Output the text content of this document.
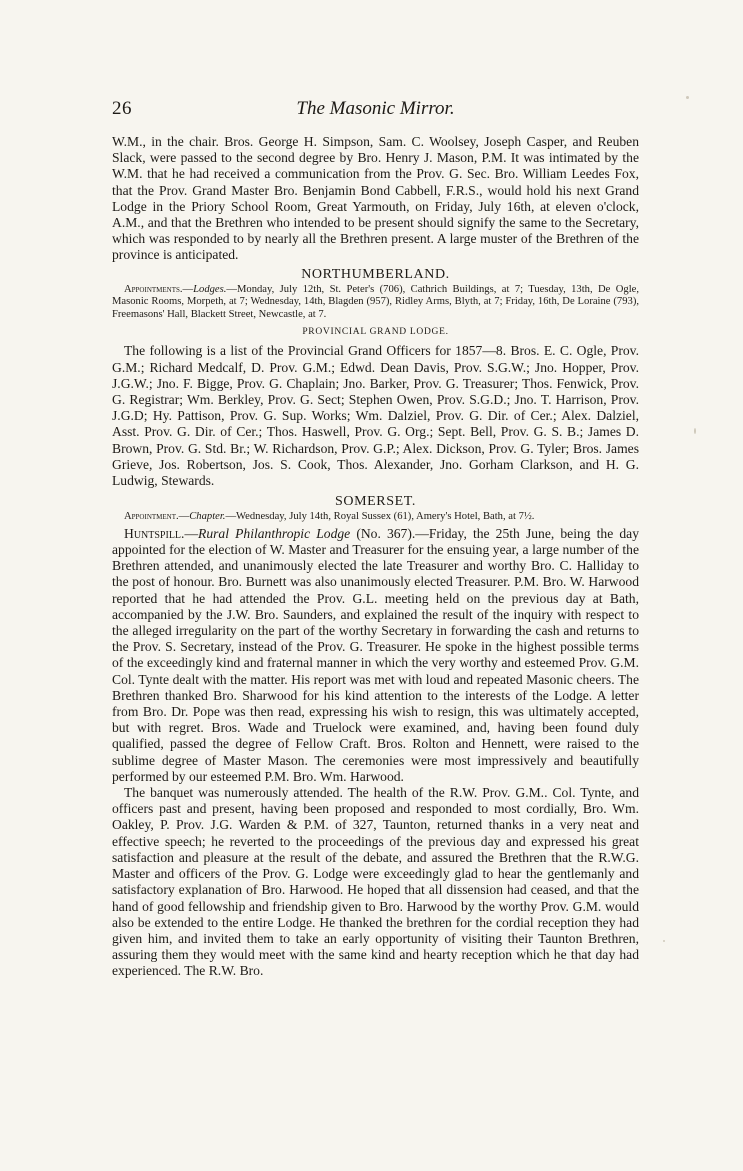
26	The Masonic Mirror.

W.M., in the chair. Bros. George H. Simpson, Sam. C. Woolsey, Joseph Casper, and Reuben Slack, were passed to the second degree by Bro. Henry J. Mason, P.M. It was intimated by the W.M. that he had received a communication from the Prov. G. Sec. Bro. William Leedes Fox, that the Prov. Grand Master Bro. Benjamin Bond Cabbell, F.R.S., would hold his next Grand Lodge in the Priory School Room, Great Yarmouth, on Friday, July 16th, at eleven o'clock, A.M., and that the Brethren who intended to be present should signify the same to the Secretary, which was responded to by nearly all the Brethren present. A large muster of the Brethren of the province is anticipated.

NORTHUMBERLAND.

Appointments.—Lodges.—Monday, July 12th, St. Peter's (706), Cathrich Buildings, at 7; Tuesday, 13th, De Ogle, Masonic Rooms, Morpeth, at 7; Wednesday, 14th, Blagden (957), Ridley Arms, Blyth, at 7; Friday, 16th, De Loraine (793), Freemasons' Hall, Blackett Street, Newcastle, at 7.

PROVINCIAL GRAND LODGE.

The following is a list of the Provincial Grand Officers for 1857—8. Bros. E. C. Ogle, Prov. G.M.; Richard Medcalf, D. Prov. G.M.; Edwd. Dean Davis, Prov. S.G.W.; Jno. Hopper, Prov. J.G.W.; Jno. F. Bigge, Prov. G. Chaplain; Jno. Barker, Prov. G. Treasurer; Thos. Fenwick, Prov. G. Registrar; Wm. Berkley, Prov. G. Sect; Stephen Owen, Prov. S.G.D.; Jno. T. Harrison, Prov. J.G.D; Hy. Pattison, Prov. G. Sup. Works; Wm. Dalziel, Prov. G. Dir. of Cer.; Alex. Dalziel, Asst. Prov. G. Dir. of Cer.; Thos. Haswell, Prov. G. Org.; Sept. Bell, Prov. G. S. B.; James D. Brown, Prov. G. Std. Br.; W. Richardson, Prov. G.P.; Alex. Dickson, Prov. G. Tyler; Bros. James Grieve, Jos. Robertson, Jos. S. Cook, Thos. Alexander, Jno. Gorham Clarkson, and H. G. Ludwig, Stewards.

SOMERSET.

Appointment.—Chapter.—Wednesday, July 14th, Royal Sussex (61), Amery's Hotel, Bath, at 7½.

Huntspill.—Rural Philanthropic Lodge (No. 367).—Friday, the 25th June, being the day appointed for the election of W. Master and Treasurer for the ensuing year, a large number of the Brethren attended, and unanimously elected the late Treasurer and worthy Bro. C. Halliday to the post of honour. Bro. Burnett was also unanimously elected Treasurer. P.M. Bro. W. Harwood reported that he had attended the Prov. G.L. meeting held on the previous day at Bath, accompanied by the J.W. Bro. Saunders, and explained the result of the inquiry with respect to the alleged irregularity on the part of the worthy Secretary in forwarding the cash and returns to the Prov. S. Secretary, instead of the Prov. G. Treasurer. He spoke in the highest possible terms of the exceedingly kind and fraternal manner in which the very worthy and esteemed Prov. G.M. Col. Tynte dealt with the matter. His report was met with loud and repeated Masonic cheers. The Brethren thanked Bro. Sharwood for his kind attention to the interests of the Lodge. A letter from Bro. Dr. Pope was then read, expressing his wish to resign, this was ultimately accepted, but with regret. Bros. Wade and Truelock were examined, and, having been found duly qualified, passed the degree of Fellow Craft. Bros. Rolton and Hennett, were raised to the sublime degree of Master Mason. The ceremonies were most impressively and beautifully performed by our esteemed P.M. Bro. Wm. Harwood.

The banquet was numerously attended. The health of the R.W. Prov. G.M.. Col. Tynte, and officers past and present, having been proposed and responded to most cordially, Bro. Wm. Oakley, P. Prov. J.G. Warden & P.M. of 327, Taunton, returned thanks in a very neat and effective speech; he reverted to the proceedings of the previous day and expressed his great satisfaction and pleasure at the result of the debate, and assured the Brethren that the R.W.G. Master and officers of the Prov. G. Lodge were exceedingly glad to hear the gentlemanly and satisfactory explanation of Bro. Harwood. He hoped that all dissension had ceased, and that the hand of good fellowship and friendship given to Bro. Harwood by the worthy Prov. G.M. would also be extended to the entire Lodge. He thanked the brethren for the cordial reception they had given him, and invited them to take an early opportunity of visiting their Taunton Brethren, assuring them they would meet with the same kind and hearty reception which he that day had experienced. The R.W. Bro.
